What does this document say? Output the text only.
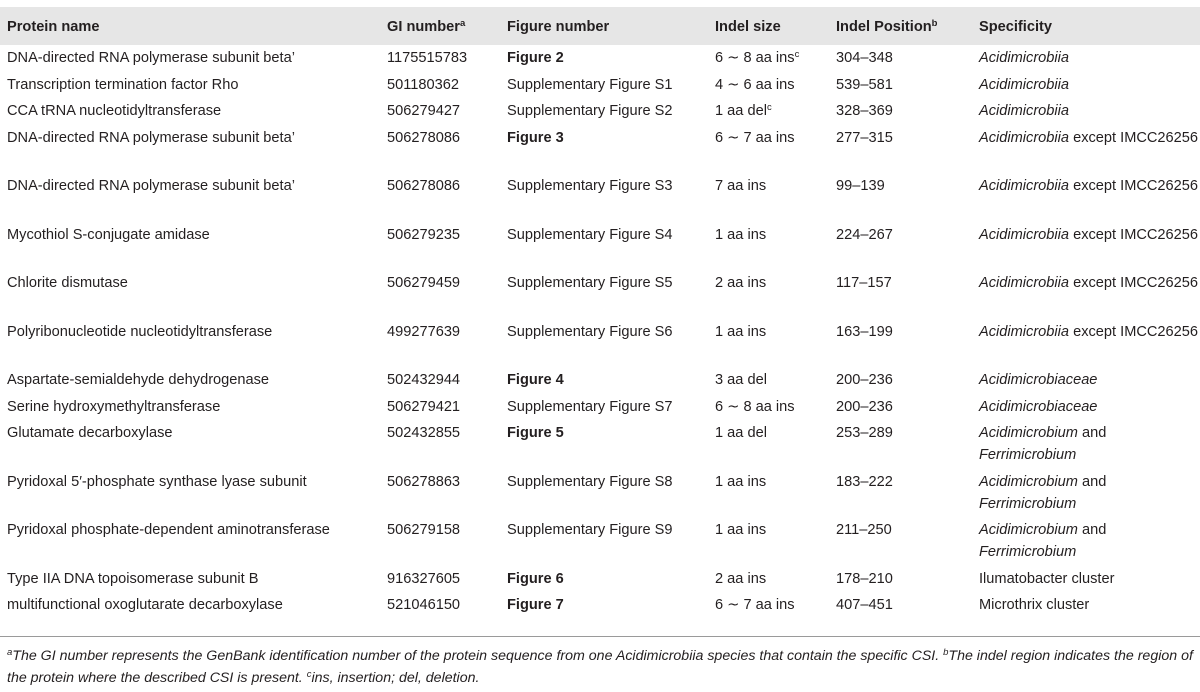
Protein name	GI number$^a$	Figure number	Indel size	Indel Position$^b$	Specificity
DNA-directed RNA polymerase subunit beta’	1175515783	Figure 2	6 ∼ 8 aa ins$^c$	304–348	Acidimicrobiia
Transcription termination factor Rho	501180362	Supplementary Figure S1	4 ∼ 6 aa ins	539–581	Acidimicrobiia
CCA tRNA nucleotidyltransferase	506279427	Supplementary Figure S2	1 aa del$^c$	328–369	Acidimicrobiia
DNA-directed RNA polymerase subunit beta’	506278086	Figure 3	6 ∼ 7 aa ins	277–315	Acidimicrobiia except IMCC26256
DNA-directed RNA polymerase subunit beta’	506278086	Supplementary Figure S3	7 aa ins	99–139	Acidimicrobiia except IMCC26256
Mycothiol S-conjugate amidase	506279235	Supplementary Figure S4	1 aa ins	224–267	Acidimicrobiia except IMCC26256
Chlorite dismutase	506279459	Supplementary Figure S5	2 aa ins	117–157	Acidimicrobiia except IMCC26256
Polyribonucleotide nucleotidyltransferase	499277639	Supplementary Figure S6	1 aa ins	163–199	Acidimicrobiia except IMCC26256
Aspartate-semialdehyde dehydrogenase	502432944	Figure 4	3 aa del	200–236	Acidimicrobiaceae
Serine hydroxymethyltransferase	506279421	Supplementary Figure S7	6 ∼ 8 aa ins	200–236	Acidimicrobiaceae
Glutamate decarboxylase	502432855	Figure 5	1 aa del	253–289	Acidimicrobium and Ferrimicrobium
Pyridoxal 5′-phosphate synthase lyase subunit	506278863	Supplementary Figure S8	1 aa ins	183–222	Acidimicrobium and Ferrimicrobium
Pyridoxal phosphate-dependent aminotransferase	506279158	Supplementary Figure S9	1 aa ins	211–250	Acidimicrobium and Ferrimicrobium
Type IIA DNA topoisomerase subunit B	916327605	Figure 6	2 aa ins	178–210	Ilumatobacter cluster
multifunctional oxoglutarate decarboxylase	521046150	Figure 7	6 ∼ 7 aa ins	407–451	Microthrix cluster
$^a$The GI number represents the GenBank identification number of the protein sequence from one Acidimicrobiia species that contain the specific CSI. $^b$The indel region indicates the region of the protein where the described CSI is present. $^c$ins, insertion; del, deletion.
